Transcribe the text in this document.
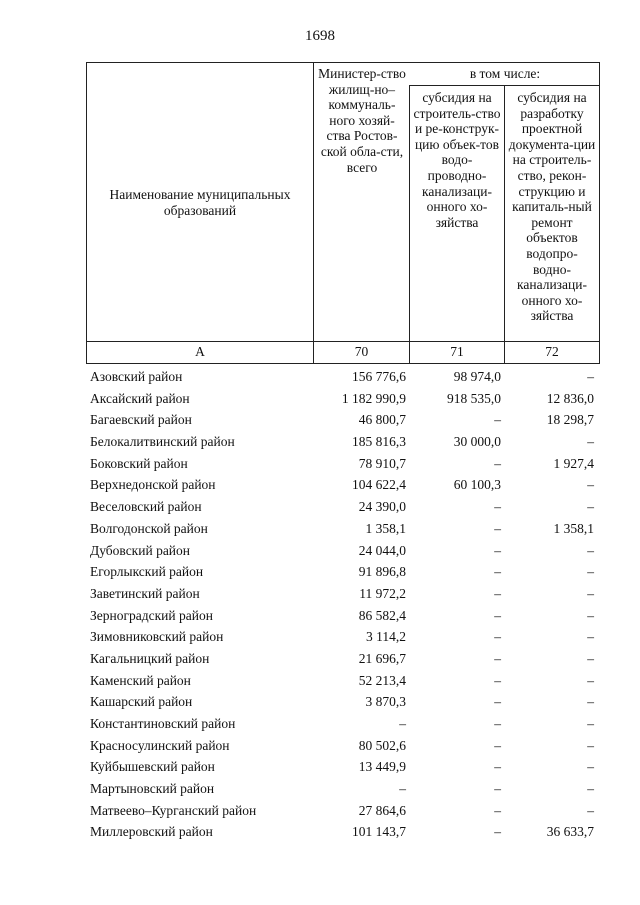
1698
Наименование муниципальных образований
Министер-ство жилищ-но–коммуналь-ного хозяй-ства Ростов-ской обла-сти, всего
в том числе:
субсидия на строитель-ство и ре-конструк-цию объек-тов водо-проводно-канализаци-онного хо-зяйства
субсидия на разработку проектной документа-ции на строитель-ство, рекон-струкцию и капиталь-ный ремонт объектов водопро-водно-канализаци-онного хо-зяйства
А	70	71	72
Азовский район	156 776,6	98 974,0	–
Аксайский район	1 182 990,9	918 535,0	12 836,0
Багаевский район	46 800,7	–	18 298,7
Белокалитвинский район	185 816,3	30 000,0	–
Боковский район	78 910,7	–	1 927,4
Верхнедонской район	104 622,4	60 100,3	–
Веселовский район	24 390,0	–	–
Волгодонской район	1 358,1	–	1 358,1
Дубовский район	24 044,0	–	–
Егорлыкский район	91 896,8	–	–
Заветинский район	11 972,2	–	–
Зерноградский район	86 582,4	–	–
Зимовниковский район	3 114,2	–	–
Кагальницкий район	21 696,7	–	–
Каменский район	52 213,4	–	–
Кашарский район	3 870,3	–	–
Константиновский район	–	–	–
Красносулинский район	80 502,6	–	–
Куйбышевский район	13 449,9	–	–
Мартыновский район	–	–	–
Матвеево–Курганский район	27 864,6	–	–
Миллеровский район	101 143,7	–	36 633,7
